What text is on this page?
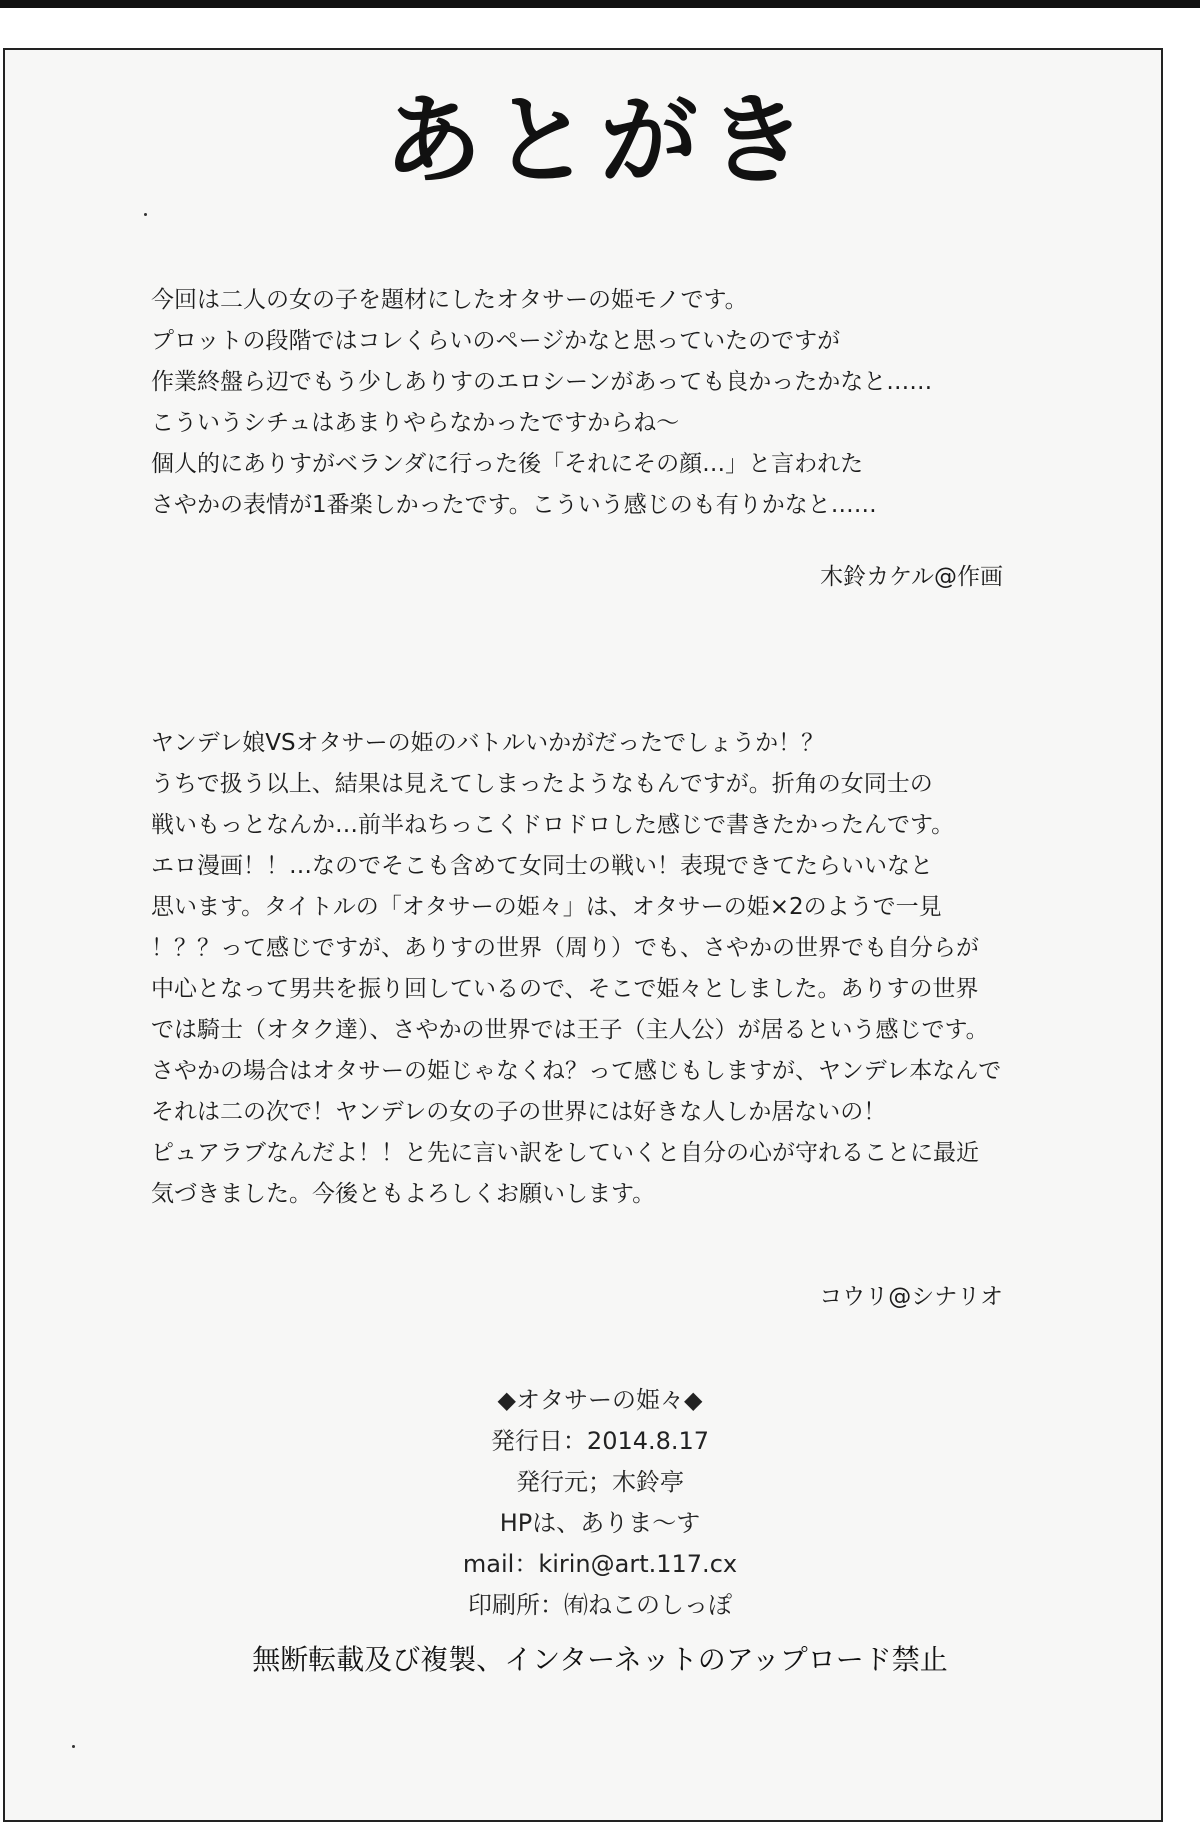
あとがき
今回は二人の女の子を題材にしたオタサーの姫モノです。
プロットの段階ではコレくらいのページかなと思っていたのですが
作業終盤ら辺でもう少しありすのエロシーンがあっても良かったかなと……
こういうシチュはあまりやらなかったですからね～
個人的にありすがベランダに行った後「それにその顔…」と言われた
さやかの表情が1番楽しかったです。こういう感じのも有りかなと……
木鈴カケル@作画
ヤンデレ娘VSオタサーの姫のバトルいかがだったでしょうか！？
うちで扱う以上、結果は見えてしまったようなもんですが。折角の女同士の
戦いもっとなんか…前半ねちっこくドロドロした感じで書きたかったんです。
エロ漫画！！…なのでそこも含めて女同士の戦い！表現できてたらいいなと
思います。タイトルの「オタサーの姫々」は、オタサーの姫×2のようで一見
！？？って感じですが、ありすの世界（周り）でも、さやかの世界でも自分らが
中心となって男共を振り回しているので、そこで姫々としました。ありすの世界
では騎士（オタク達）、さやかの世界では王子（主人公）が居るという感じです。
さやかの場合はオタサーの姫じゃなくね？って感じもしますが、ヤンデレ本なんで
それは二の次で！ヤンデレの女の子の世界には好きな人しか居ないの！
ピュアラブなんだよ！！と先に言い訳をしていくと自分の心が守れることに最近
気づきました。今後ともよろしくお願いします。
コウリ@シナリオ
◆オタサーの姫々◆
発行日：2014.8.17
発行元；木鈴亭
HPは、ありま～す
mail：kirin@art.117.cx
印刷所：㈲ねこのしっぽ
無断転載及び複製、インターネットのアップロード禁止
